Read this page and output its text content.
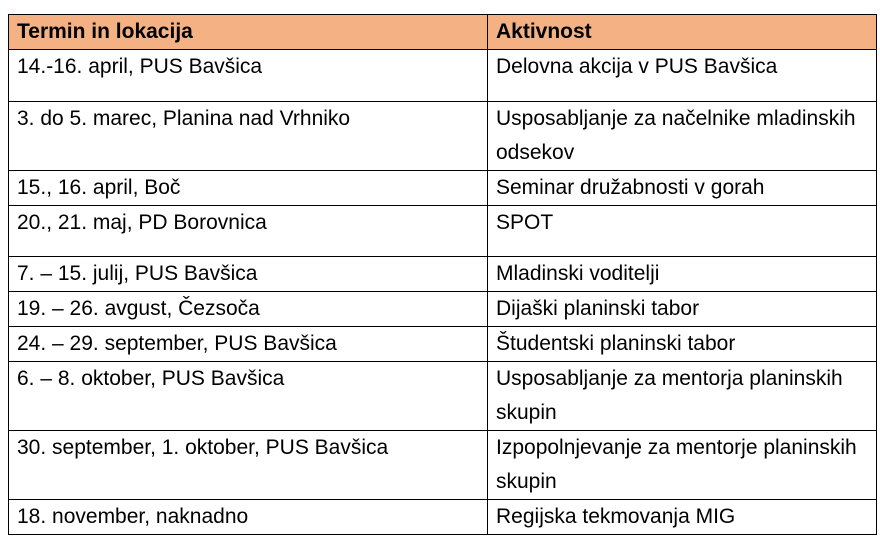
Termin in lokacija	Aktivnost
14.-16. april, PUS Bavšica	Delovna akcija v PUS Bavšica
3. do 5. marec, Planina nad Vrhniko	Usposabljanje za načelnike mladinskih odsekov
15., 16. april, Boč	Seminar družabnosti v gorah
20., 21. maj, PD Borovnica	SPOT
7. – 15. julij, PUS Bavšica	Mladinski voditelji
19. – 26. avgust, Čezsoča	Dijaški planinski tabor
24. – 29. september, PUS Bavšica	Študentski planinski tabor
6. – 8. oktober, PUS Bavšica	Usposabljanje za mentorja planinskih skupin
30. september, 1. oktober, PUS Bavšica	Izpopolnjevanje za mentorje planinskih skupin
18. november, naknadno	Regijska tekmovanja MIG
